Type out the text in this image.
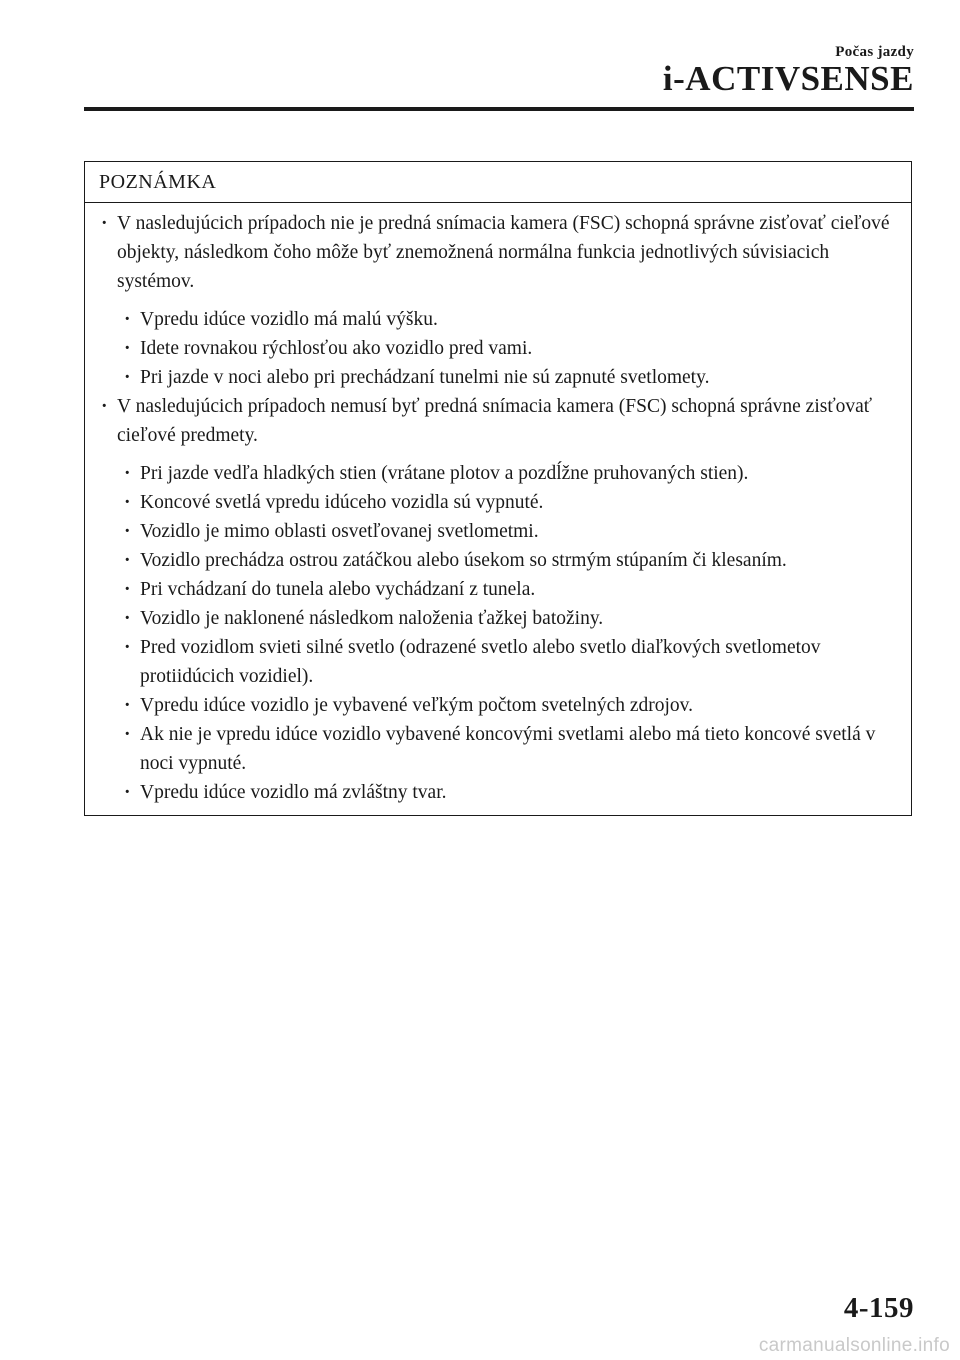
Počas jazdy
i-ACTIVSENSE
POZNÁMKA
· V nasledujúcich prípadoch nie je predná snímacia kamera (FSC) schopná správne zisťovať cieľové objekty, následkom čoho môže byť znemožnená normálna funkcia jednotlivých súvisiacich systémov.
· Vpredu idúce vozidlo má malú výšku.
· Idete rovnakou rýchlosťou ako vozidlo pred vami.
· Pri jazde v noci alebo pri prechádzaní tunelmi nie sú zapnuté svetlomety.
· V nasledujúcich prípadoch nemusí byť predná snímacia kamera (FSC) schopná správne zisťovať cieľové predmety.
· Pri jazde vedľa hladkých stien (vrátane plotov a pozdĺžne pruhovaných stien).
· Koncové svetlá vpredu idúceho vozidla sú vypnuté.
· Vozidlo je mimo oblasti osvetľovanej svetlometmi.
· Vozidlo prechádza ostrou zatáčkou alebo úsekom so strmým stúpaním či klesaním.
· Pri vchádzaní do tunela alebo vychádzaní z tunela.
· Vozidlo je naklonené následkom naloženia ťažkej batožiny.
· Pred vozidlom svieti silné svetlo (odrazené svetlo alebo svetlo diaľkových svetlometov protiidúcich vozidiel).
· Vpredu idúce vozidlo je vybavené veľkým počtom svetelných zdrojov.
· Ak nie je vpredu idúce vozidlo vybavené koncovými svetlami alebo má tieto koncové svetlá v noci vypnuté.
· Vpredu idúce vozidlo má zvláštny tvar.
4-159
carmanualsonline.info
